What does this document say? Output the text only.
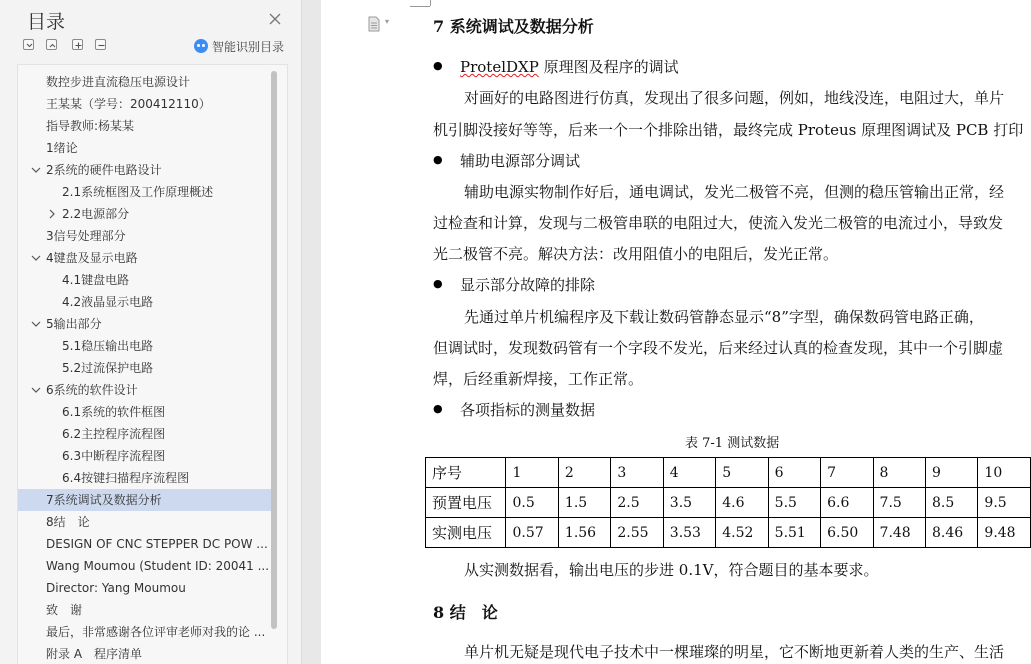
目录
智能识别目录
数控步进直流稳压电源设计
王某某（学号：200412110）
指导教师:杨某某
1绪论
2系统的硬件电路设计
2.1系统框图及工作原理概述
2.2电源部分
3信号处理部分
4键盘及显示电路
4.1键盘电路
4.2液晶显示电路
5输出部分
5.1稳压输出电路
5.2过流保护电路
6系统的软件设计
6.1系统的软件框图
6.2主控程序流程图
6.3中断程序流程图
6.4按键扫描程序流程图
7系统调试及数据分析
8结　论
DESIGN OF CNC STEPPER DC POW ...
Wang Moumou (Student ID: 20041 ...
Director: Yang Moumou
致　谢
最后，非常感谢各位评审老师对我的论 ...
附录 A　程序清单
▾	7 系统调试及数据分析
● ProtelDXP 原理图及程序的调试
对画好的电路图进行仿真，发现出了很多问题，例如，地线没连，电阻过大，单片
机引脚没接好等等，后来一个一个排除出错，最终完成 Proteus 原理图调试及 PCB 打印
● 辅助电源部分调试
辅助电源实物制作好后，通电调试，发光二极管不亮，但测的稳压管输出正常，经
过检查和计算，发现与二极管串联的电阻过大，使流入发光二极管的电流过小，导致发
光二极管不亮。解决方法：改用阻值小的电阻后，发光正常。
● 显示部分故障的排除
先通过单片机编程序及下载让数码管静态显示“8”字型，确保数码管电路正确，
但调试时，发现数码管有一个字段不发光，后来经过认真的检查发现，其中一个引脚虚
焊，后经重新焊接，工作正常。
● 各项指标的测量数据
表 7-1 测试数据
序号	1	2	3	4	5	6	7	8	9	10
预置电压	0.5	1.5	2.5	3.5	4.6	5.5	6.6	7.5	8.5	9.5
实测电压	0.57	1.56	2.55	3.53	4.52	5.51	6.50	7.48	8.46	9.48
从实测数据看，输出电压的步进 0.1V，符合题目的基本要求。
8 结　论
单片机无疑是现代电子技术中一棵璀璨的明星，它不断地更新着人类的生产、生活
